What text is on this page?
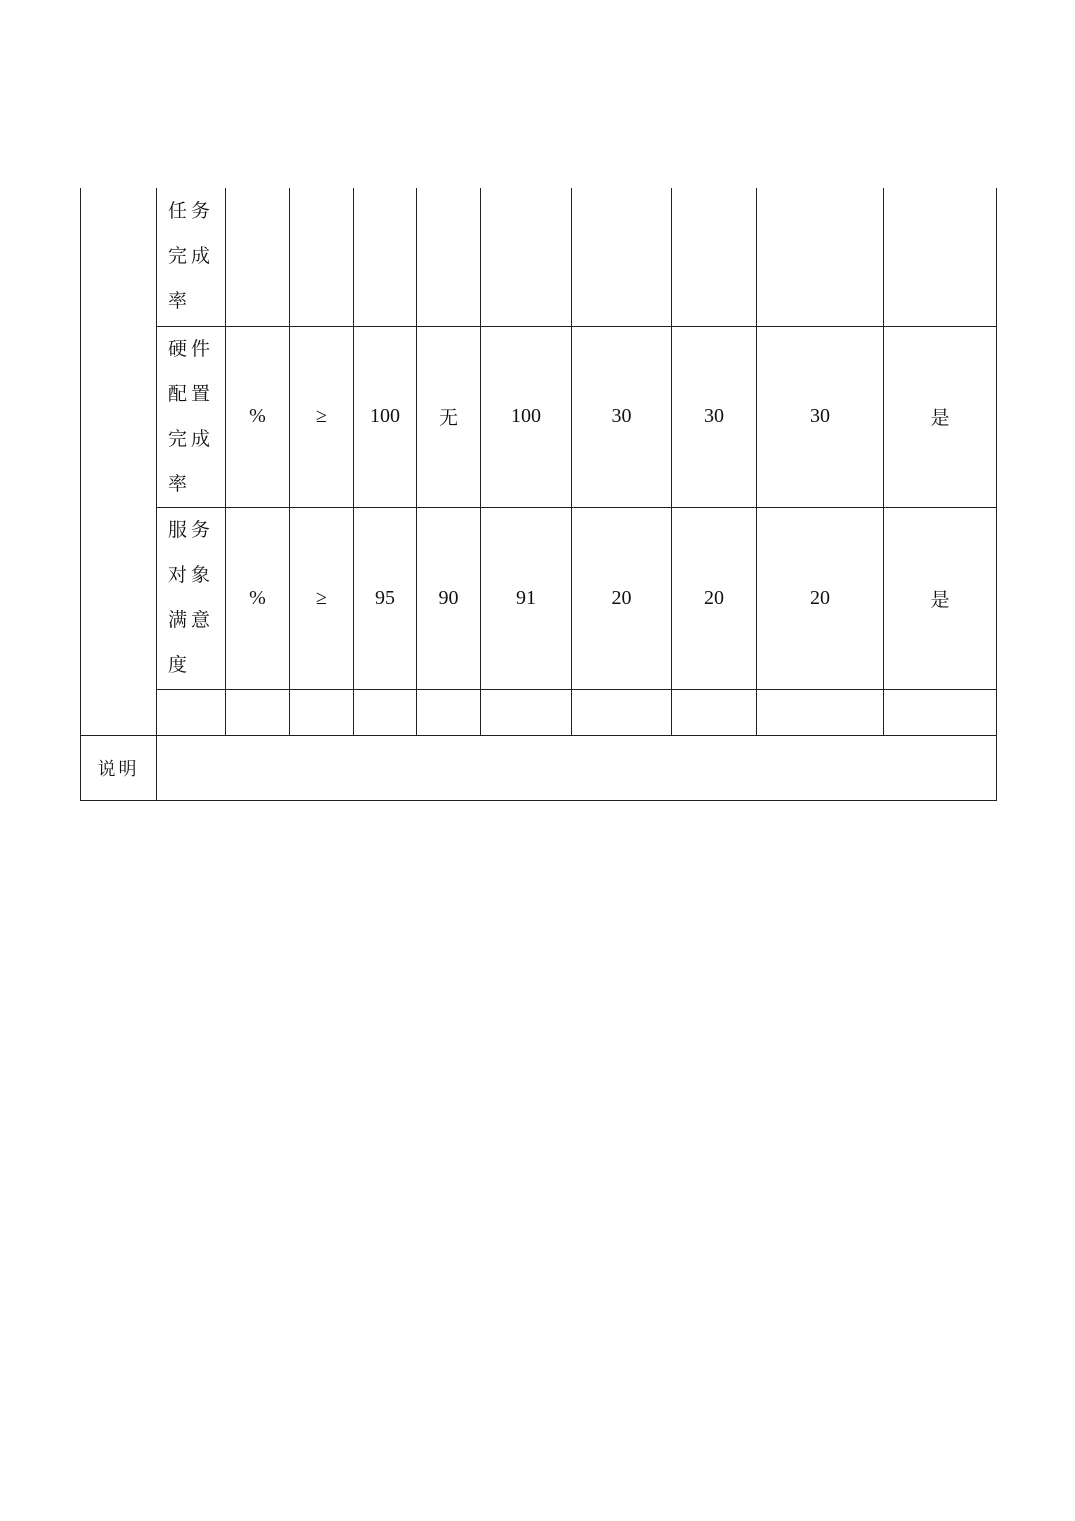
	任务完成率									
	硬件配置完成率	%	≥	100	无	100	30	30	30	是
	服务对象满意度	%	≥	95	90	91	20	20	20	是

说明										
